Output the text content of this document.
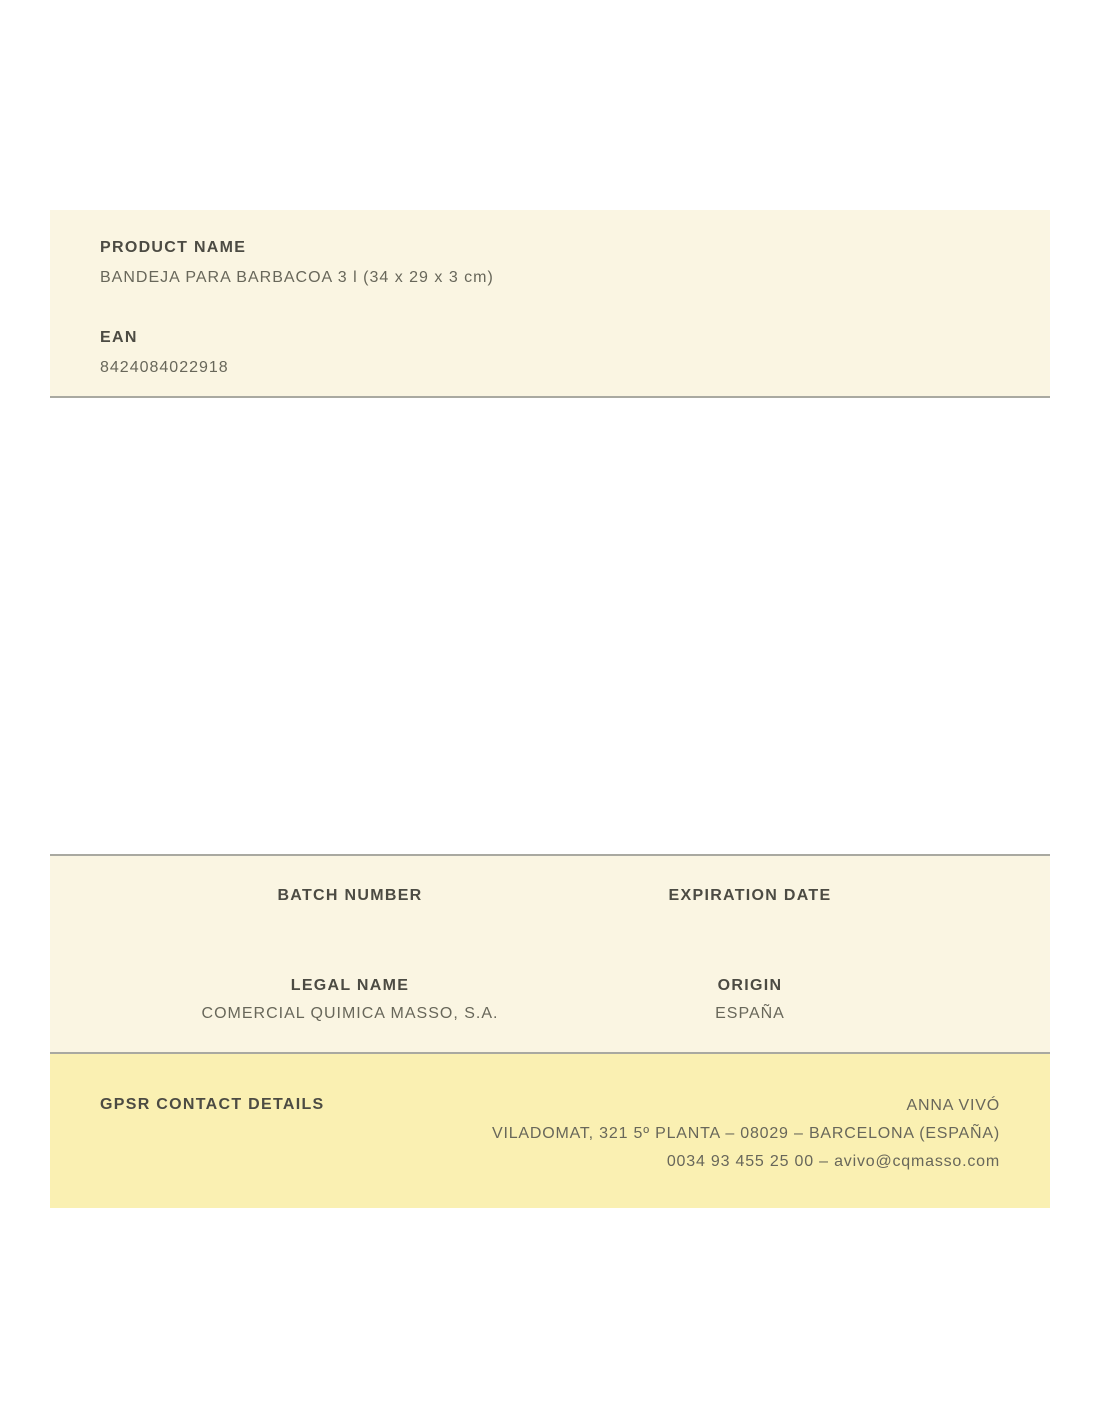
PRODUCT NAME
BANDEJA PARA BARBACOA 3 l (34 x 29 x 3 cm)
EAN
8424084022918
BATCH NUMBER	EXPIRATION DATE
LEGAL NAME
COMERCIAL QUIMICA MASSO, S.A.
ORIGIN
ESPAÑA
GPSR CONTACT DETAILS	ANNA VIVÓ
VILADOMAT, 321 5º PLANTA – 08029 – BARCELONA (ESPAÑA)
0034 93 455 25 00 – avivo@cqmasso.com
